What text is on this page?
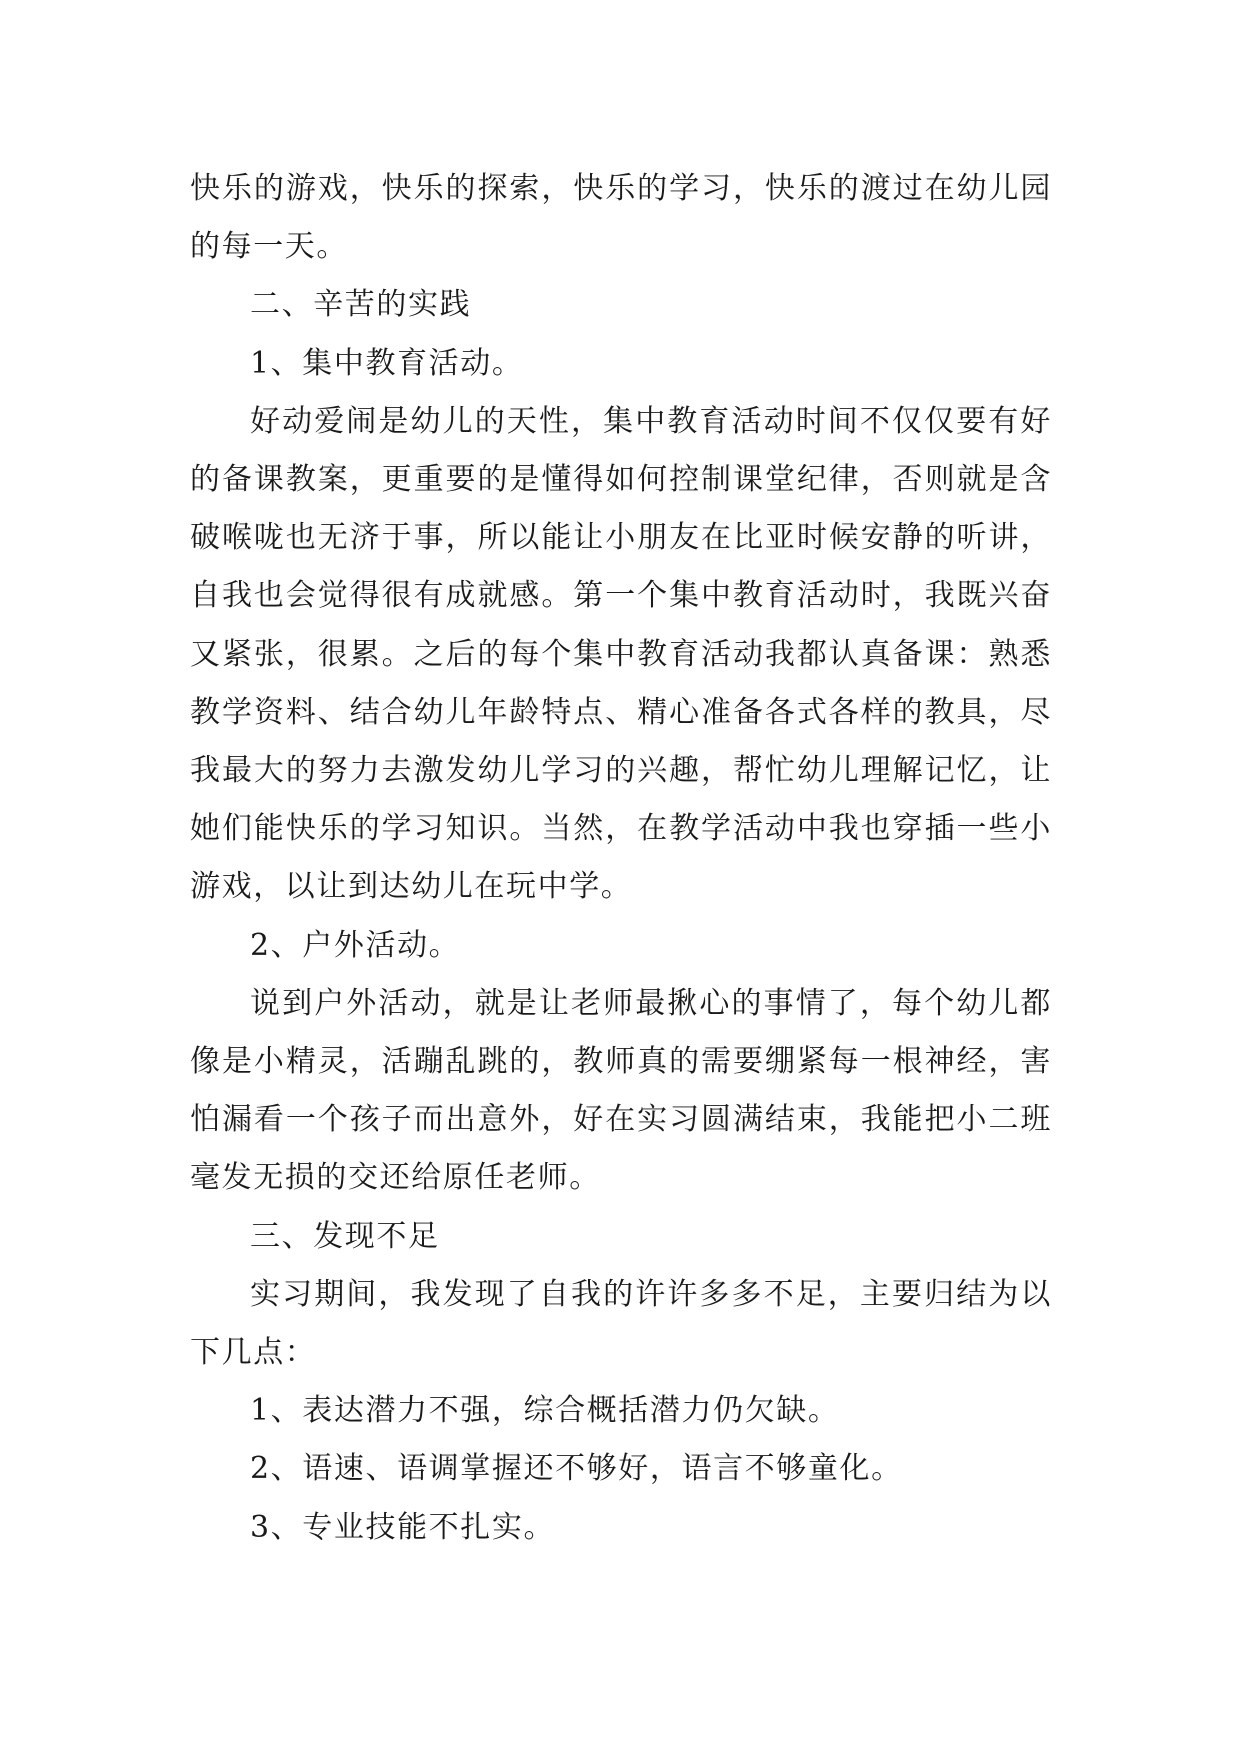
快乐的游戏，快乐的探索，快乐的学习，快乐的渡过在幼儿园的每一天。

二、辛苦的实践

1、集中教育活动。

好动爱闹是幼儿的天性，集中教育活动时间不仅仅要有好的备课教案，更重要的是懂得如何控制课堂纪律，否则就是含破喉咙也无济于事，所以能让小朋友在比亚时候安静的听讲，自我也会觉得很有成就感。第一个集中教育活动时，我既兴奋又紧张，很累。之后的每个集中教育活动我都认真备课：熟悉教学资料、结合幼儿年龄特点、精心准备各式各样的教具，尽我最大的努力去激发幼儿学习的兴趣，帮忙幼儿理解记忆，让她们能快乐的学习知识。当然，在教学活动中我也穿插一些小游戏，以让到达幼儿在玩中学。

2、户外活动。

说到户外活动，就是让老师最揪心的事情了，每个幼儿都像是小精灵，活蹦乱跳的，教师真的需要绷紧每一根神经，害怕漏看一个孩子而出意外，好在实习圆满结束，我能把小二班毫发无损的交还给原任老师。

三、发现不足

实习期间，我发现了自我的许许多多不足，主要归结为以下几点：

1、表达潜力不强，综合概括潜力仍欠缺。

2、语速、语调掌握还不够好，语言不够童化。

3、专业技能不扎实。
